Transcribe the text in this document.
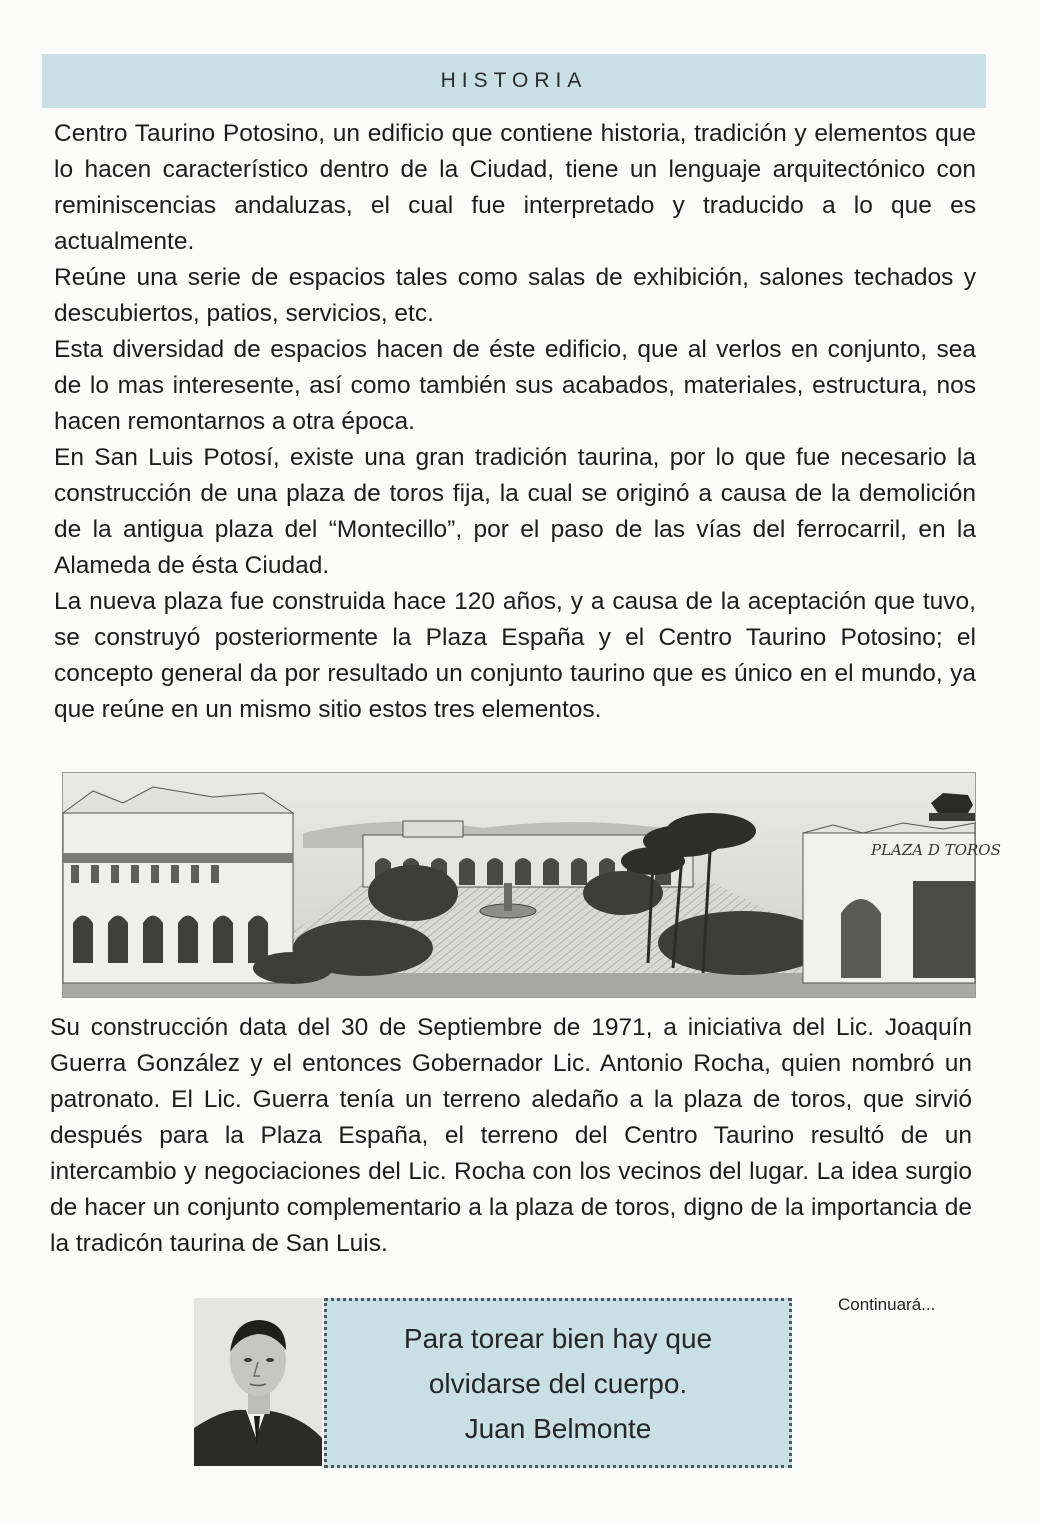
HISTORIA

Centro Taurino Potosino, un edificio que contiene historia, tradición y elementos que lo hacen característico dentro de la Ciudad, tiene un lenguaje arquitectónico con reminiscencias andaluzas, el cual fue interpretado y traducido a lo que es actualmente.

Reúne una serie de espacios tales como salas de exhibición, salones techados y descubiertos, patios, servicios, etc.

Esta diversidad de espacios hacen de éste edificio, que al verlos en conjunto, sea de lo mas interesente, así como también sus acabados, materiales, estructura, nos hacen remontarnos a otra época.

En San Luis Potosí, existe una gran tradición taurina, por lo que fue necesario la construcción de una plaza de toros fija, la cual se originó a causa de la demolición de la antigua plaza del “Montecillo”, por el paso de las vías del ferrocarril, en la Alameda de ésta Ciudad.

La nueva plaza fue construida hace 120 años, y a causa de la aceptación que tuvo, se construyó posteriormente la Plaza España y el Centro Taurino Potosino; el concepto general da por resultado un conjunto taurino que es único en el mundo, ya que reúne en un mismo sitio estos tres elementos.

PLAZA D TOROS

Su construcción data del 30 de Septiembre de 1971, a iniciativa del Lic. Joaquín Guerra González y el entonces Gobernador Lic. Antonio Rocha, quien nombró un patronato. El Lic. Guerra tenía un terreno aledaño a la plaza de toros, que sirvió después para la Plaza España, el terreno del Centro Taurino resultó de un intercambio y negociaciones del Lic. Rocha con los vecinos del lugar. La idea surgio de hacer un conjunto complementario a la plaza de toros, digno de la importancia de la tradicón taurina de San Luis.

Continuará...
Para torear bien hay que
olvidarse del cuerpo.
Juan Belmonte
